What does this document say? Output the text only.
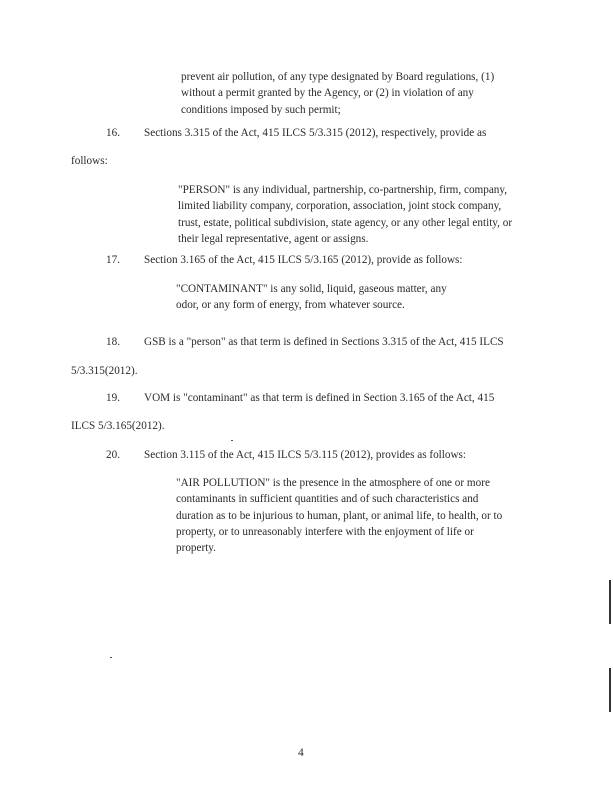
prevent air pollution, of any type designated by Board regulations, (1)
without a permit granted by the Agency, or (2) in violation of any
conditions imposed by such permit;
16. Sections 3.315 of the Act, 415 ILCS 5/3.315 (2012), respectively, provide as
follows:
"PERSON" is any individual, partnership, co-partnership, firm, company,
limited liability company, corporation, association, joint stock company,
trust, estate, political subdivision, state agency, or any other legal entity, or
their legal representative, agent or assigns.
17. Section 3.165 of the Act, 415 ILCS 5/3.165 (2012), provide as follows:
"CONTAMINANT" is any solid, liquid, gaseous matter, any
odor, or any form of energy, from whatever source.
18. GSB is a "person" as that term is defined in Sections 3.315 of the Act, 415 ILCS
5/3.315(2012).
19. VOM is "contaminant" as that term is defined in Section 3.165 of the Act, 415
ILCS 5/3.165(2012).
20. Section 3.115 of the Act, 415 ILCS 5/3.115 (2012), provides as follows:
"AIR POLLUTION" is the presence in the atmosphere of one or more
contaminants in sufficient quantities and of such characteristics and
duration as to be injurious to human, plant, or animal life, to health, or to
property, or to unreasonably interfere with the enjoyment of life or
property.
4
